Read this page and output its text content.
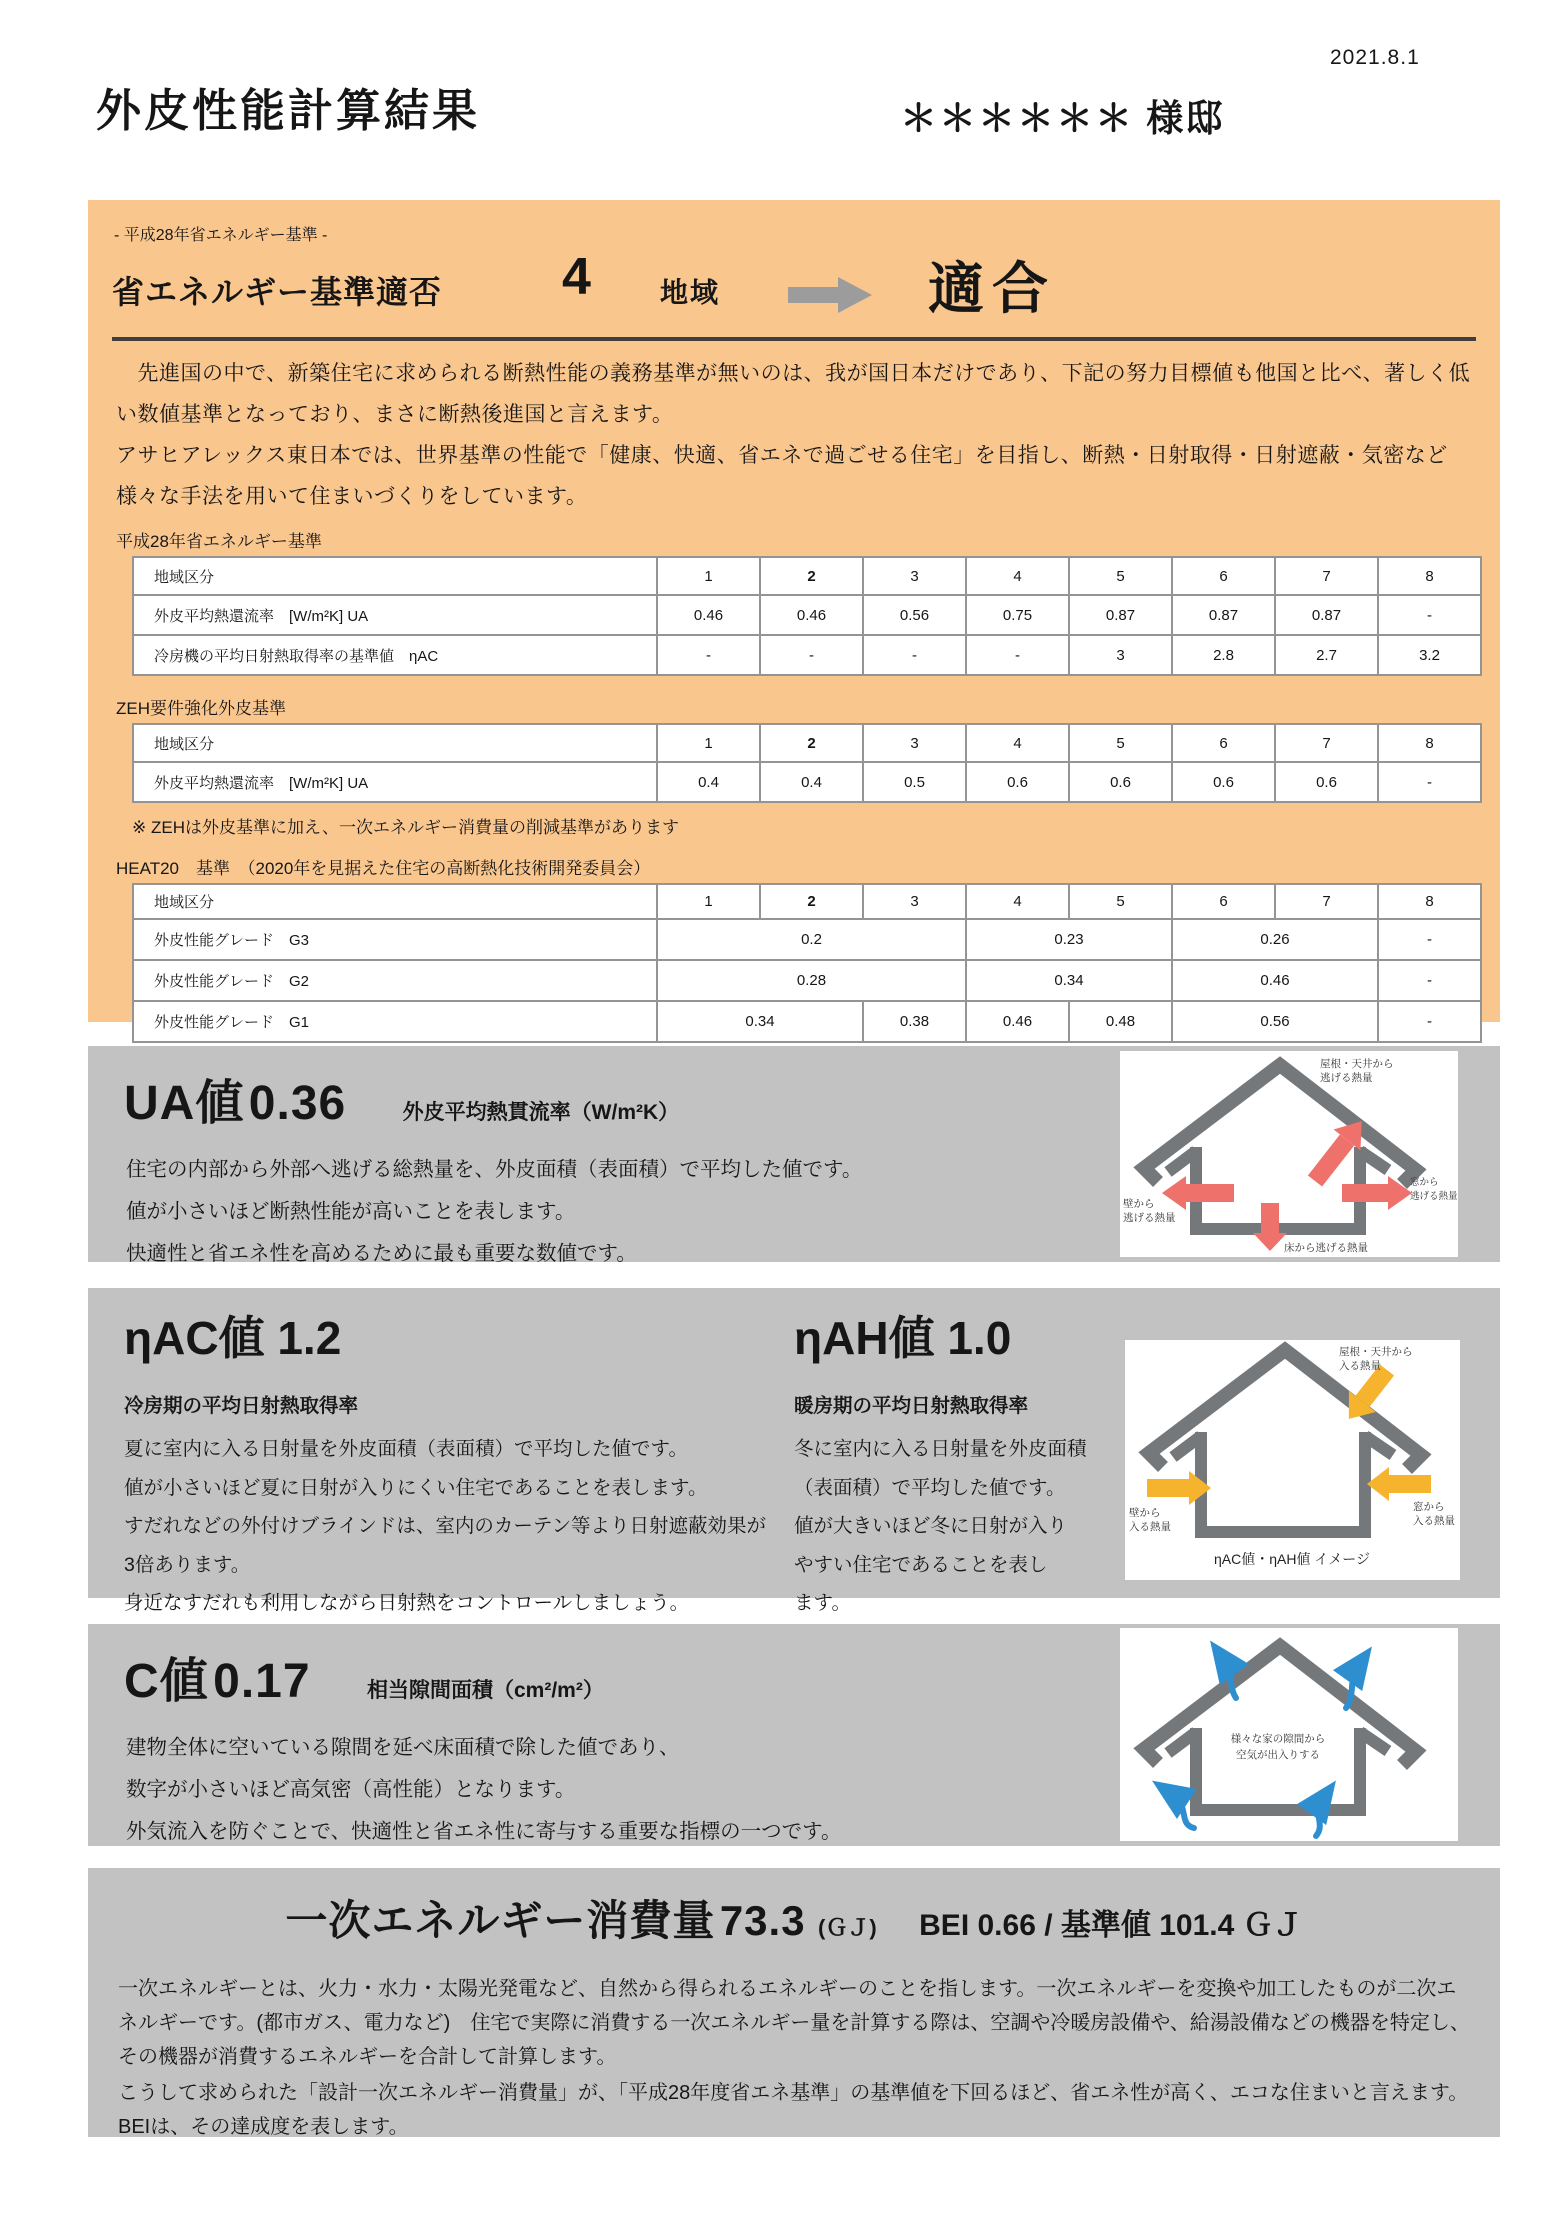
2021.8.1
外皮性能計算結果	＊＊＊＊＊＊ 様邸
- 平成28年省エネルギー基準 -
省エネルギー基準適否 4 地域	適合

　先進国の中で、新築住宅に求められる断熱性能の義務基準が無いのは、我が国日本だけであり、下記の努力目標値も他国と比べ、著しく低い数値基準となっており、まさに断熱後進国と言えます。

アサヒアレックス東日本では、世界基準の性能で「健康、快適、省エネで過ごせる住宅」を目指し、断熱・日射取得・日射遮蔽・気密など様々な手法を用いて住まいづくりをしています。

平成28年省エネルギー基準
地域区分	1	2	3	4	5	6	7	8
外皮平均熱還流率　[W/m²K] UA	0.46	0.46	0.56	0.75	0.87	0.87	0.87	-
冷房機の平均日射熱取得率の基準値　ηAC	-	-	-	-	3	2.8	2.7	3.2
ZEH要件強化外皮基準
地域区分	1	2	3	4	5	6	7	8
外皮平均熱還流率　[W/m²K] UA	0.4	0.4	0.5	0.6	0.6	0.6	0.6	-
※ ZEHは外皮基準に加え、一次エネルギー消費量の削減基準があります
HEAT20　基準　（2020年を見据えた住宅の高断熱化技術開発委員会）
地域区分	1	2	3	4	5	6	7	8
外皮性能グレード　G3	0.2			0.23		0.26		-
外皮性能グレード　G2	0.28			0.34		0.46		-
外皮性能グレード　G1	0.34		0.38	0.46	0.48	0.56		-
UA値 0.36	外皮平均熱貫流率（W/m²K）
住宅の内部から外部へ逃げる総熱量を、外皮面積（表面積）で平均した値です。
値が小さいほど断熱性能が高いことを表します。
快適性と省エネ性を高めるために最も重要な数値です。
屋根・天井から
逃げる熱量
壁から
逃げる熱量
窓から
逃げる熱量
床から逃げる熱量
ηAC値 1.2
冷房期の平均日射熱取得率
夏に室内に入る日射量を外皮面積（表面積）で平均した値です。
値が小さいほど夏に日射が入りにくい住宅であることを表します。
すだれなどの外付けブラインドは、室内のカーテン等より日射遮蔽効果が
3倍あります。
身近なすだれも利用しながら日射熱をコントロールしましょう。
ηAH値 1.0
暖房期の平均日射熱取得率
冬に室内に入る日射量を外皮面積
（表面積）で平均した値です。
値が大きいほど冬に日射が入り
やすい住宅であることを表し
ます。
屋根・天井から
入る熱量
壁から
入る熱量
窓から
入る熱量
ηAC値・ηAH値 イメージ
C値 0.17	相当隙間面積（cm²/m²）
建物全体に空いている隙間を延べ床面積で除した値であり、
数字が小さいほど高気密（高性能）となります。
外気流入を防ぐことで、快適性と省エネ性に寄与する重要な指標の一つです。
様々な家の隙間から
空気が出入りする
一次エネルギー消費量 73.3 (ＧＪ) BEI 0.66 / 基準値 101.4 ＧＪ

一次エネルギーとは、火力・水力・太陽光発電など、自然から得られるエネルギーのことを指します。一次エネルギーを変換や加工したものが二次エネルギーです。(都市ガス、電力など)　住宅で実際に消費する一次エネルギー量を計算する際は、空調や冷暖房設備や、給湯設備などの機器を特定し、その機器が消費するエネルギーを合計して計算します。

こうして求められた「設計一次エネルギー消費量」が、「平成28年度省エネ基準」の基準値を下回るほど、省エネ性が高く、エコな住まいと言えます。BEIは、その達成度を表します。
